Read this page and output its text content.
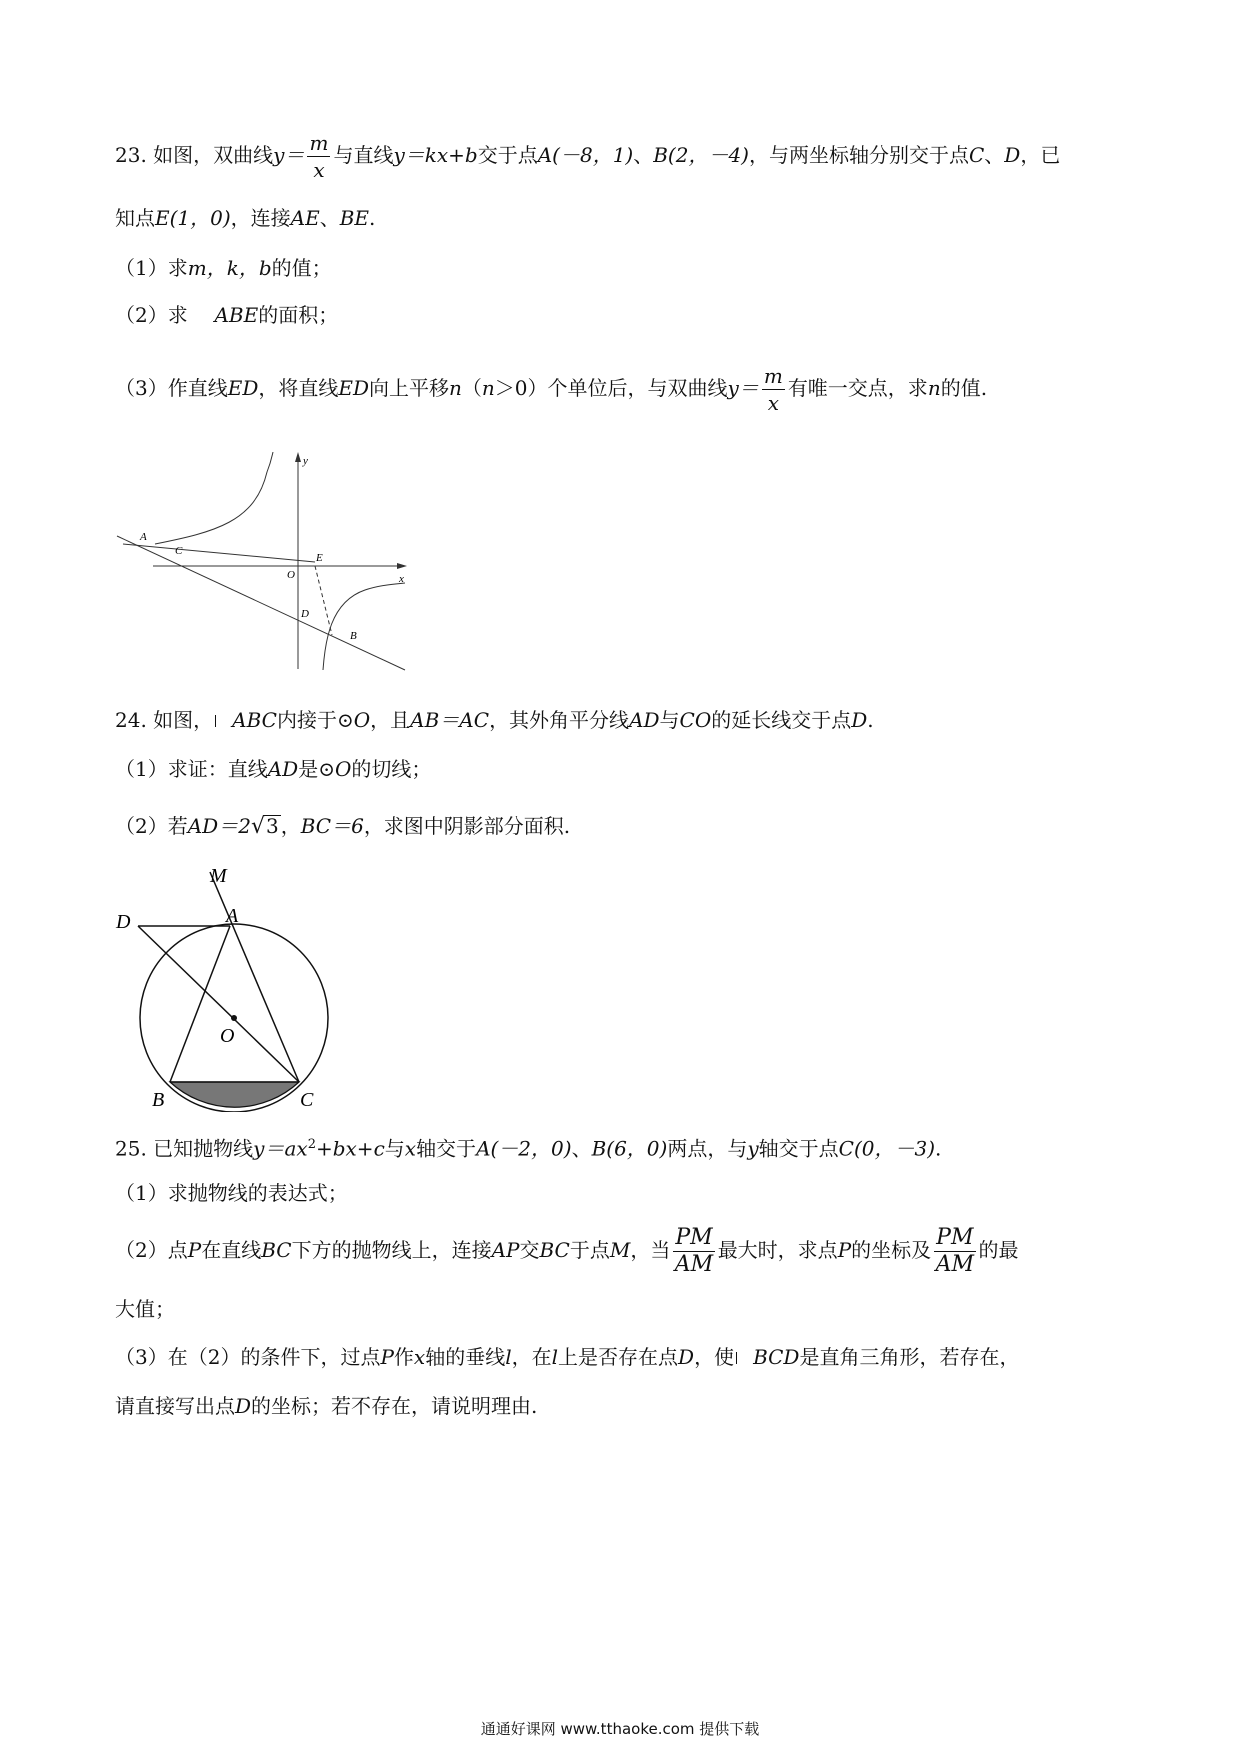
23. 如图，双曲线$y= \frac{m}{x}$ 与直线y＝kx+b交于点A(－8，1)、B(2，－4)，与两坐标轴分别交于点C、D，已
知点E(1，0)，连接AE、BE.
（1）求m，k，b的值；
（2）求 ABE的面积；
（3）作直线ED，将直线ED向上平移n（n＞0）个单位后，与双曲线$y= \frac{m}{x}$ 有唯一交点，求n的值.
y
x
A
C
O
E
D
B
24. 如图， ABC内接于⊙O，且AB＝AC，其外角平分线AD与CO的延长线交于点D.
（1）求证：直线AD是⊙O的切线；
（2）若AD＝2√3 ，BC＝6，求图中阴影部分面积.
M
D	A
O
B	C
25. 已知抛物线$y=ax^2+bx+c$与x轴交于A(－2，0)、B(6，0)两点，与y轴交于点C(0，－3).
（1）求抛物线的表达式；
（2）点P在直线BC下方的抛物线上，连接AP交BC于点M，当 $\frac{PM}{AM}$ 最大时，求点P的坐标及 $\frac{PM}{AM}$ 的最
大值；
（3）在（2）的条件下，过点P作x轴的垂线l，在l上是否存在点D，使 BCD是直角三角形，若存在，
请直接写出点D的坐标；若不存在，请说明理由.
通通好课网 www.tthaoke.com 提供下载
